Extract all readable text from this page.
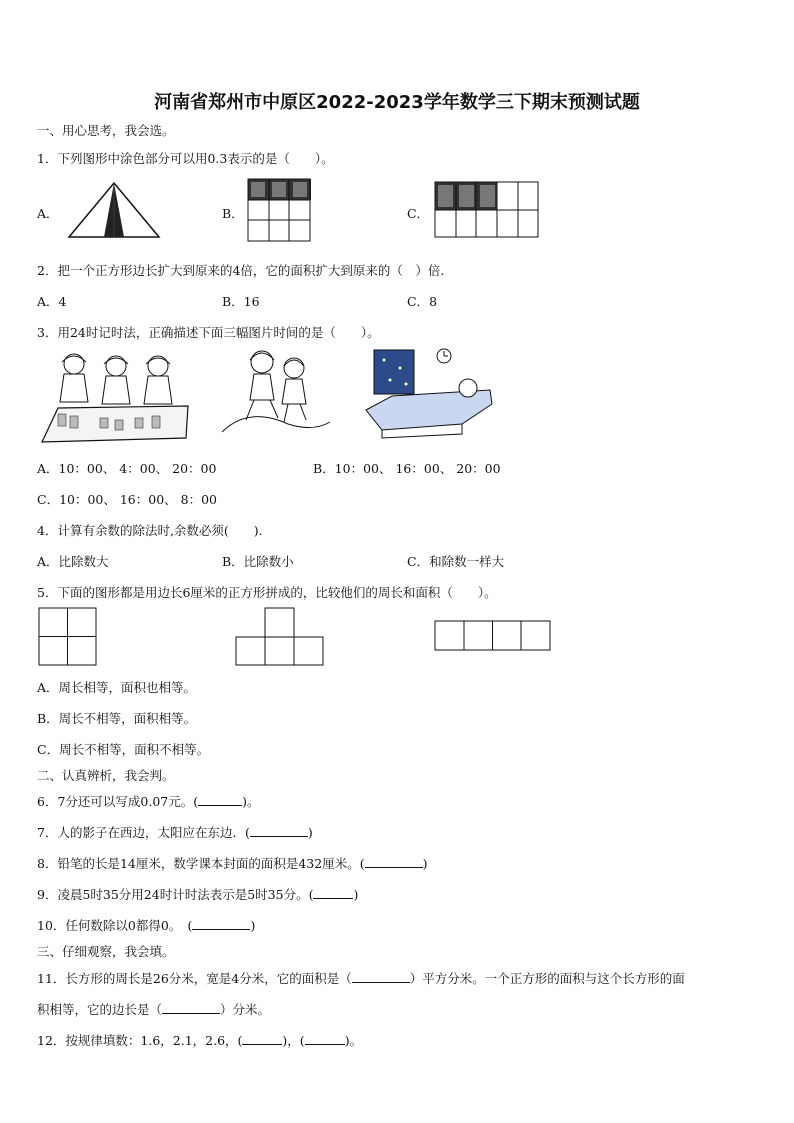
河南省郑州市中原区2022-2023学年数学三下期末预测试题
一、用心思考，我会选。
1．下列图形中涂色部分可以用0.3表示的是（　　）。
A．	B．	C．
2．把一个正方形边长扩大到原来的4倍，它的面积扩大到原来的（　）倍.
A．4	B．16	C．8
3．用24时记时法，正确描述下面三幅图片时间的是（　　）。
A．10：00、 4：00、 20：00	B．10：00、 16：00、 20：00
C．10：00、 16：00、 8：00
4．计算有余数的除法时,余数必须(　　).
A．比除数大	B．比除数小	C．和除数一样大
5．下面的图形都是用边长6厘米的正方形拼成的，比较他们的周长和面积（　　）。
A．周长相等，面积也相等。
B．周长不相等，面积相等。
C．周长不相等，面积不相等。
二、认真辨析，我会判。
6．7分还可以写成0.07元。(	)。
7．人的影子在西边，太阳应在东边．(	)
8．铅笔的长是14厘米，数学课本封面的面积是432厘米。(	)
9．凌晨5时35分用24时计时法表示是5时35分。(	)
10．任何数除以0都得0。　(	)
三、仔细观察，我会填。
11．长方形的周长是26分米，宽是4分米，它的面积是（	）平方分米。一个正方形的面积与这个长方形的面
积相等，它的边长是（	）分米。
12．按规律填数：1.6，2.1，2.6，(	)，(	)。
